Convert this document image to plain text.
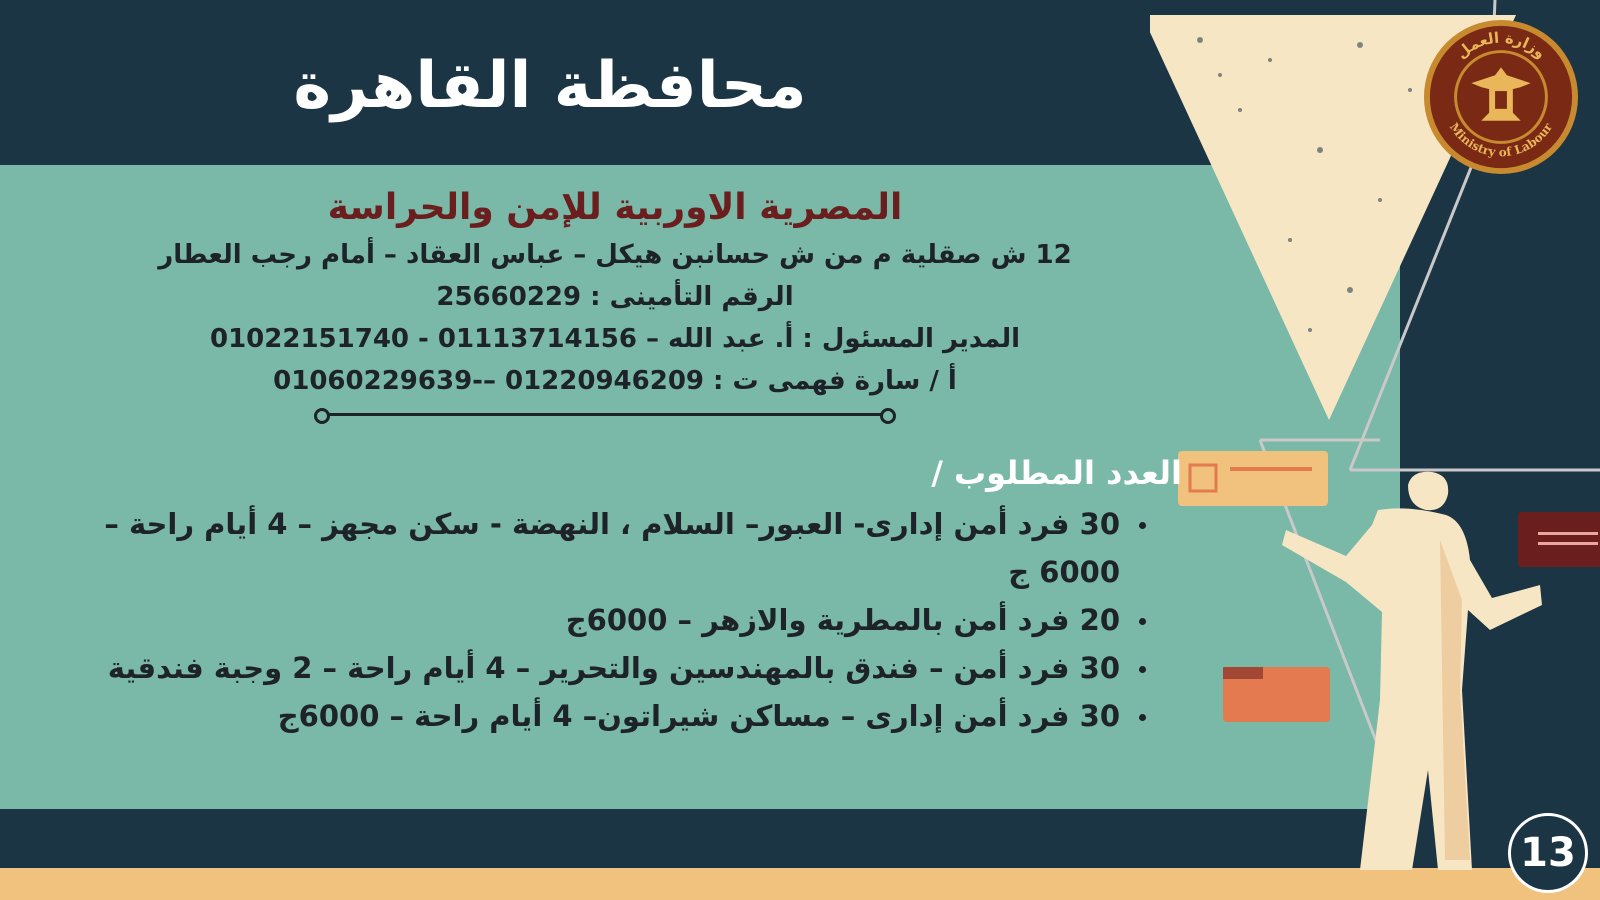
وزارة العمل
Ministry of Labour
محافظة القاهرة
المصرية الاوربية للإمن والحراسة
12 ش صقلية م من ش حسانبن هيكل – عباس العقاد – أمام رجب العطار
الرقم التأمينى : 25660229
المدير المسئول : أ. عبد الله – 01113714156 - 01022151740
أ / سارة فهمى ت : 01220946209 –-01060229639
العدد المطلوب /
30 فرد أمن إدارى- العبور– السلام ، النهضة - سكن مجهز – 4 أيام راحة – 6000 ج
20 فرد أمن بالمطرية والازهر – 6000ج
30 فرد أمن – فندق بالمهندسين والتحرير – 4 أيام راحة – 2 وجبة فندقية
30 فرد أمن إدارى – مساكن شيراتون– 4 أيام راحة – 6000ج
13
